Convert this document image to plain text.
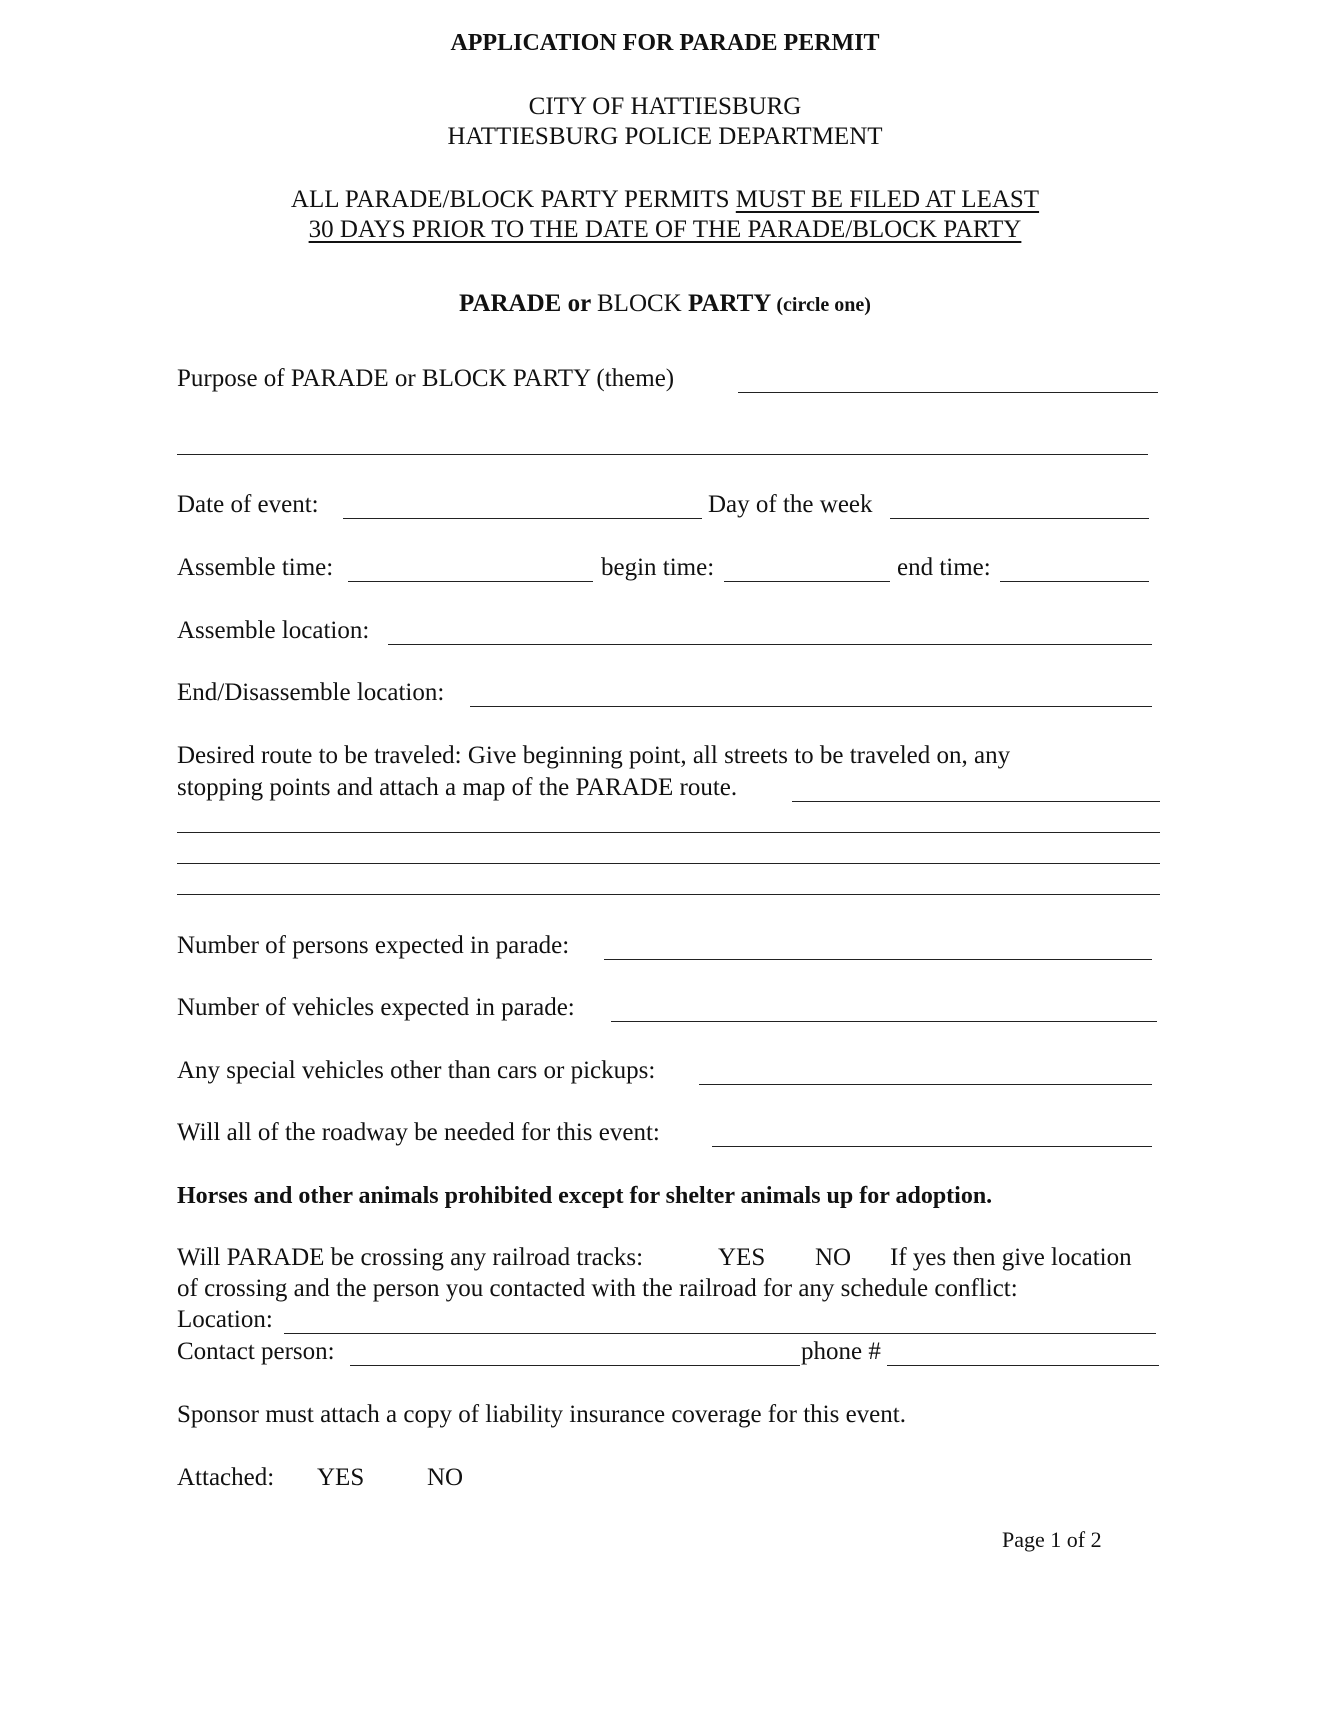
APPLICATION FOR PARADE PERMIT
CITY OF HATTIESBURG
HATTIESBURG POLICE DEPARTMENT
ALL PARADE/BLOCK PARTY PERMITS MUST BE FILED AT LEAST
30 DAYS PRIOR TO THE DATE OF THE PARADE/BLOCK PARTY
PARADE or BLOCK PARTY (circle one)
Purpose of PARADE or BLOCK PARTY (theme)
Date of event:	Day of the week
Assemble time:	begin time:	end time:
Assemble location:
End/Disassemble location:
Desired route to be traveled: Give beginning point, all streets to be traveled on, any
stopping points and attach a map of the PARADE route.
Number of persons expected in parade:
Number of vehicles expected in parade:
Any special vehicles other than cars or pickups:
Will all of the roadway be needed for this event:
Horses and other animals prohibited except for shelter animals up for adoption.
Will PARADE be crossing any railroad tracks:	YES NO If yes then give location
of crossing and the person you contacted with the railroad for any schedule conflict:
Location:
Contact person:	phone #
Sponsor must attach a copy of liability insurance coverage for this event.
Attached: YES	NO
Page 1 of 2
